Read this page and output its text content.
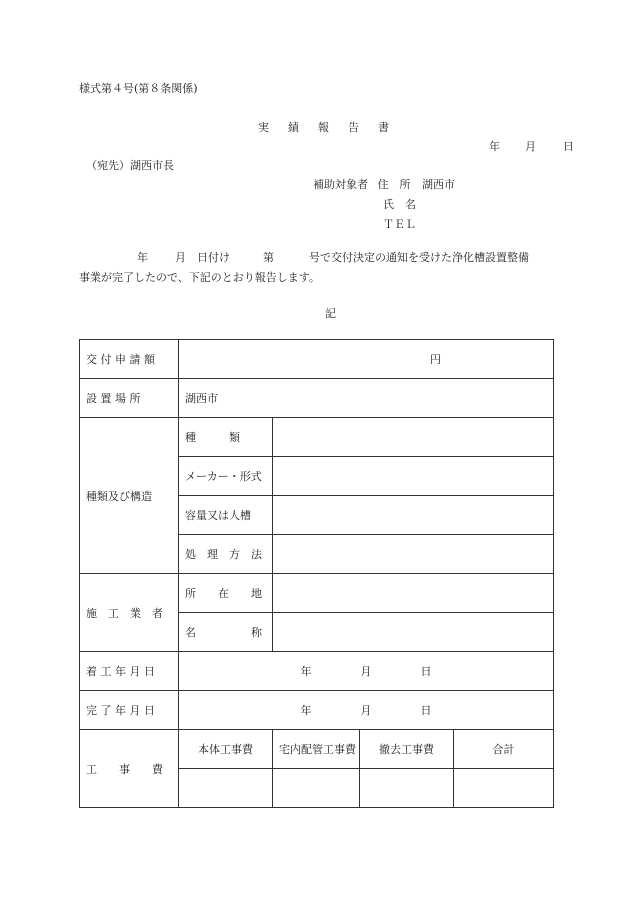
様式第４号(第８条関係)
実 績 報 告 書
年 月 日
（宛先）湖西市長
補助対象者 住　所 湖西市
氏　名
ＴＥＬ
年 月 日付け	第	号で交付決定の通知を受けた浄化槽設置整備
事業が完了したので、下記のとおり報告します。
記
交 付 申 請 額	円			
設 置 場 所	湖西市			
種類及び構造	種　　　類			
	メーカー・形式			
	容量又は人槽			
	処　理　方　法			
施　工　業　者	所　　在　　地			
	名　　　　　称			
着 工 年 月 日	年 月 日			

完 了 年 月 日	年 月 日			

工　　事　　費	本体工事費	宅内配管工事費	撤去工事費	合計
